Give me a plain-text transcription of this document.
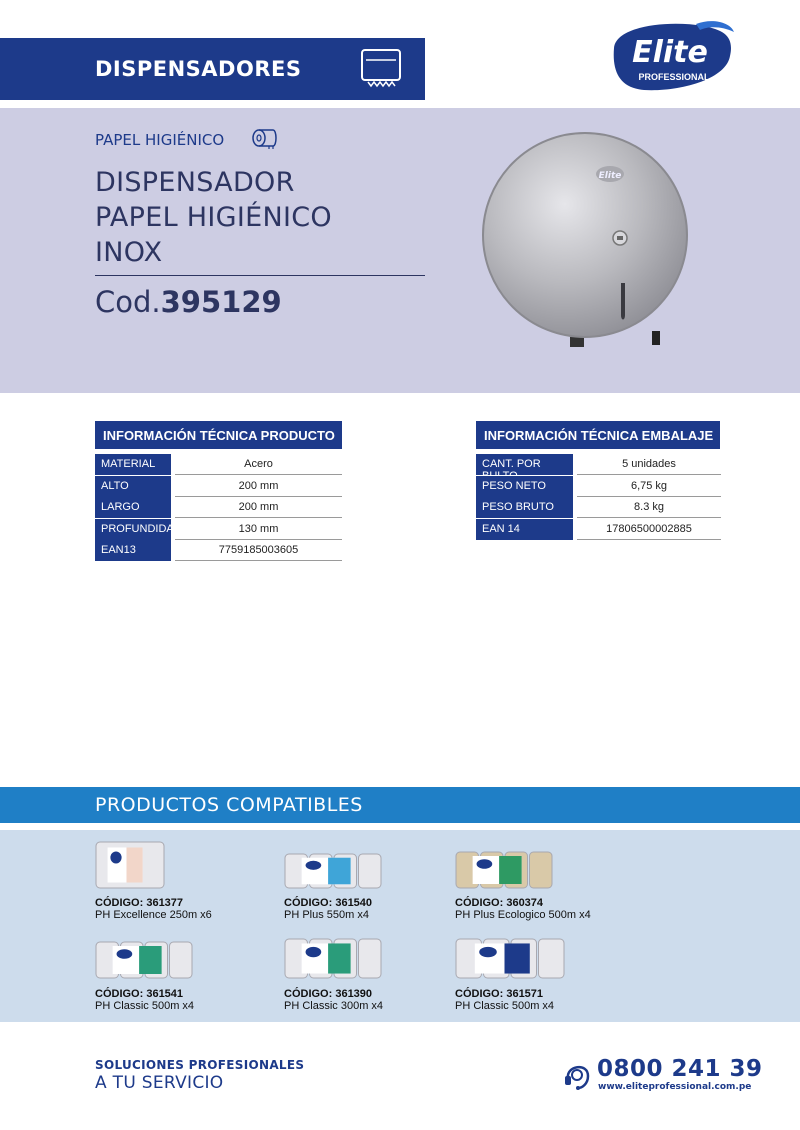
DISPENSADORES	Elite
PROFESSIONAL
PAPEL HIGIÉNICO
DISPENSADOR
PAPEL HIGIÉNICO
INOX
Cod.395129
Elite
INFORMACIÓN TÉCNICA PRODUCTO
MATERIAL	Acero
ALTO	200 mm
LARGO	200 mm
PROFUNDIDAD	130 mm
EAN13	7759185003605
INFORMACIÓN TÉCNICA EMBALAJE
CANT. POR	5 unidades
PESO NETO	6,75 kg
PESO BRUTO	8.3 kg
EAN 14	17806500002885
PRODUCTOS COMPATIBLES
CÓDIGO: 361377
PH Excellence 250m x6
CÓDIGO: 361540
PH Plus 550m x4
CÓDIGO: 360374
PH Plus Ecologico 500m x4
CÓDIGO: 361541
PH Classic 500m x4
CÓDIGO: 361390
PH Classic 300m x4
CÓDIGO: 361571
PH Classic 500m x4
SOLUCIONES PROFESIONALES
A TU SERVICIO
0800 241 39
www.eliteprofessional.com.pe
